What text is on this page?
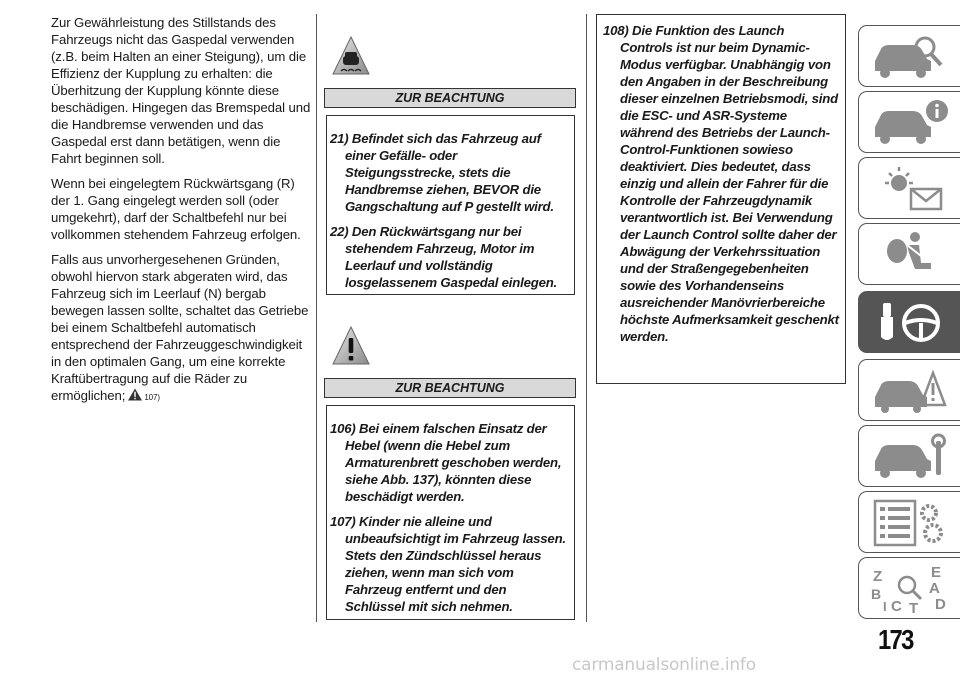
Zur Gewährleistung des Stillstands des Fahrzeugs nicht das Gaspedal verwenden (z.B. beim Halten an einer Steigung), um die Effizienz der Kupplung zu erhalten: die Überhitzung der Kupplung könnte diese beschädigen. Hingegen das Bremspedal und die Handbremse verwenden und das Gaspedal erst dann betätigen, wenn die Fahrt beginnen soll.

Wenn bei eingelegtem Rückwärtsgang (R) der 1. Gang eingelegt werden soll (oder umgekehrt), darf der Schaltbefehl nur bei vollkommen stehendem Fahrzeug erfolgen.

Falls aus unvorhergesehenen Gründen, obwohl hiervon stark abgeraten wird, das Fahrzeug sich im Leerlauf (N) bergab bewegen lassen sollte, schaltet das Getriebe bei einem Schaltbefehl automatisch entsprechend der Fahrzeuggeschwindigkeit in den optimalen Gang, um eine korrekte Kraftübertragung auf die Räder zu ermöglichen; 107)

ZUR BEACHTUNG

21) Befindet sich das Fahrzeug auf einer Gefälle- oder Steigungsstrecke, stets die Handbremse ziehen, BEVOR die Gangschaltung auf P gestellt wird.

22) Den Rückwärtsgang nur bei stehendem Fahrzeug, Motor im Leerlauf und vollständig losgelassenem Gaspedal einlegen.

ZUR BEACHTUNG

106) Bei einem falschen Einsatz der Hebel (wenn die Hebel zum Armaturenbrett geschoben werden, siehe Abb. 137), könnten diese beschädigt werden.

107) Kinder nie alleine und unbeaufsichtigt im Fahrzeug lassen. Stets den Zündschlüssel heraus ziehen, wenn man sich vom Fahrzeug entfernt und den Schlüssel mit sich nehmen.

108) Die Funktion des Launch Controls ist nur beim Dynamic-Modus verfügbar. Unabhängig von den Angaben in der Beschreibung dieser einzelnen Betriebsmodi, sind die ESC- und ASR-Systeme während des Betriebs der Launch-Control-Funktionen sowieso deaktiviert. Dies bedeutet, dass einzig und allein der Fahrer für die Kontrolle der Fahrzeugdynamik verantwortlich ist. Bei Verwendung der Launch Control sollte daher der Abwägung der Verkehrssituation und der Straßengegebenheiten sowie des Vorhandenseins ausreichender Manövrierbereiche höchste Aufmerksamkeit geschenkt werden.

Z	E
B	A
C T D
I
173
carmanualsonline.info
